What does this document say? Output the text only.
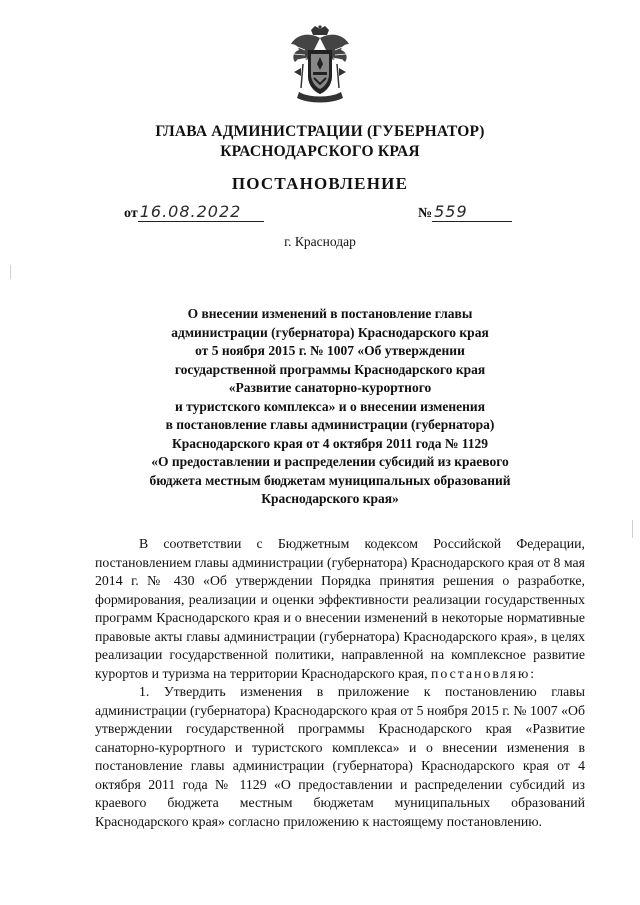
ГЛАВА АДМИНИСТРАЦИИ (ГУБЕРНАТОР)
КРАСНОДАРСКОГО КРАЯ
ПОСТАНОВЛЕНИЕ
от 16.08.2022	№ 559
г. Краснодар
О внесении изменений в постановление главы
администрации (губернатора) Краснодарского края
от 5 ноября 2015 г. № 1007 «Об утверждении
государственной программы Краснодарского края
«Развитие санаторно-курортного
и туристского комплекса» и о внесении изменения
в постановление главы администрации (губернатора)
Краснодарского края от 4 октября 2011 года № 1129
«О предоставлении и распределении субсидий из краевого
бюджета местным бюджетам муниципальных образований
Краснодарского края»

В соответствии с Бюджетным кодексом Российской Федерации, постановлением главы администрации (губернатора) Краснодарского края от 8 мая 2014 г. № 430 «Об утверждении Порядка принятия решения о разработке, формирования, реализации и оценки эффективности реализации государственных программ Краснодарского края и о внесении изменений в некоторые нормативные правовые акты главы администрации (губернатора) Краснодарского края», в целях реализации государственной политики, направленной на комплексное развитие курортов и туризма на территории Краснодарского края, постановляю:

1. Утвердить изменения в приложение к постановлению главы администрации (губернатора) Краснодарского края от 5 ноября 2015 г. № 1007 «Об утверждении государственной программы Краснодарского края «Развитие санаторно-курортного и туристского комплекса» и о внесении изменения в постановление главы администрации (губернатора) Краснодарского края от 4 октября 2011 года № 1129 «О предоставлении и распределении субсидий из краевого бюджета местным бюджетам муниципальных образований Краснодарского края» согласно приложению к настоящему постановлению.
